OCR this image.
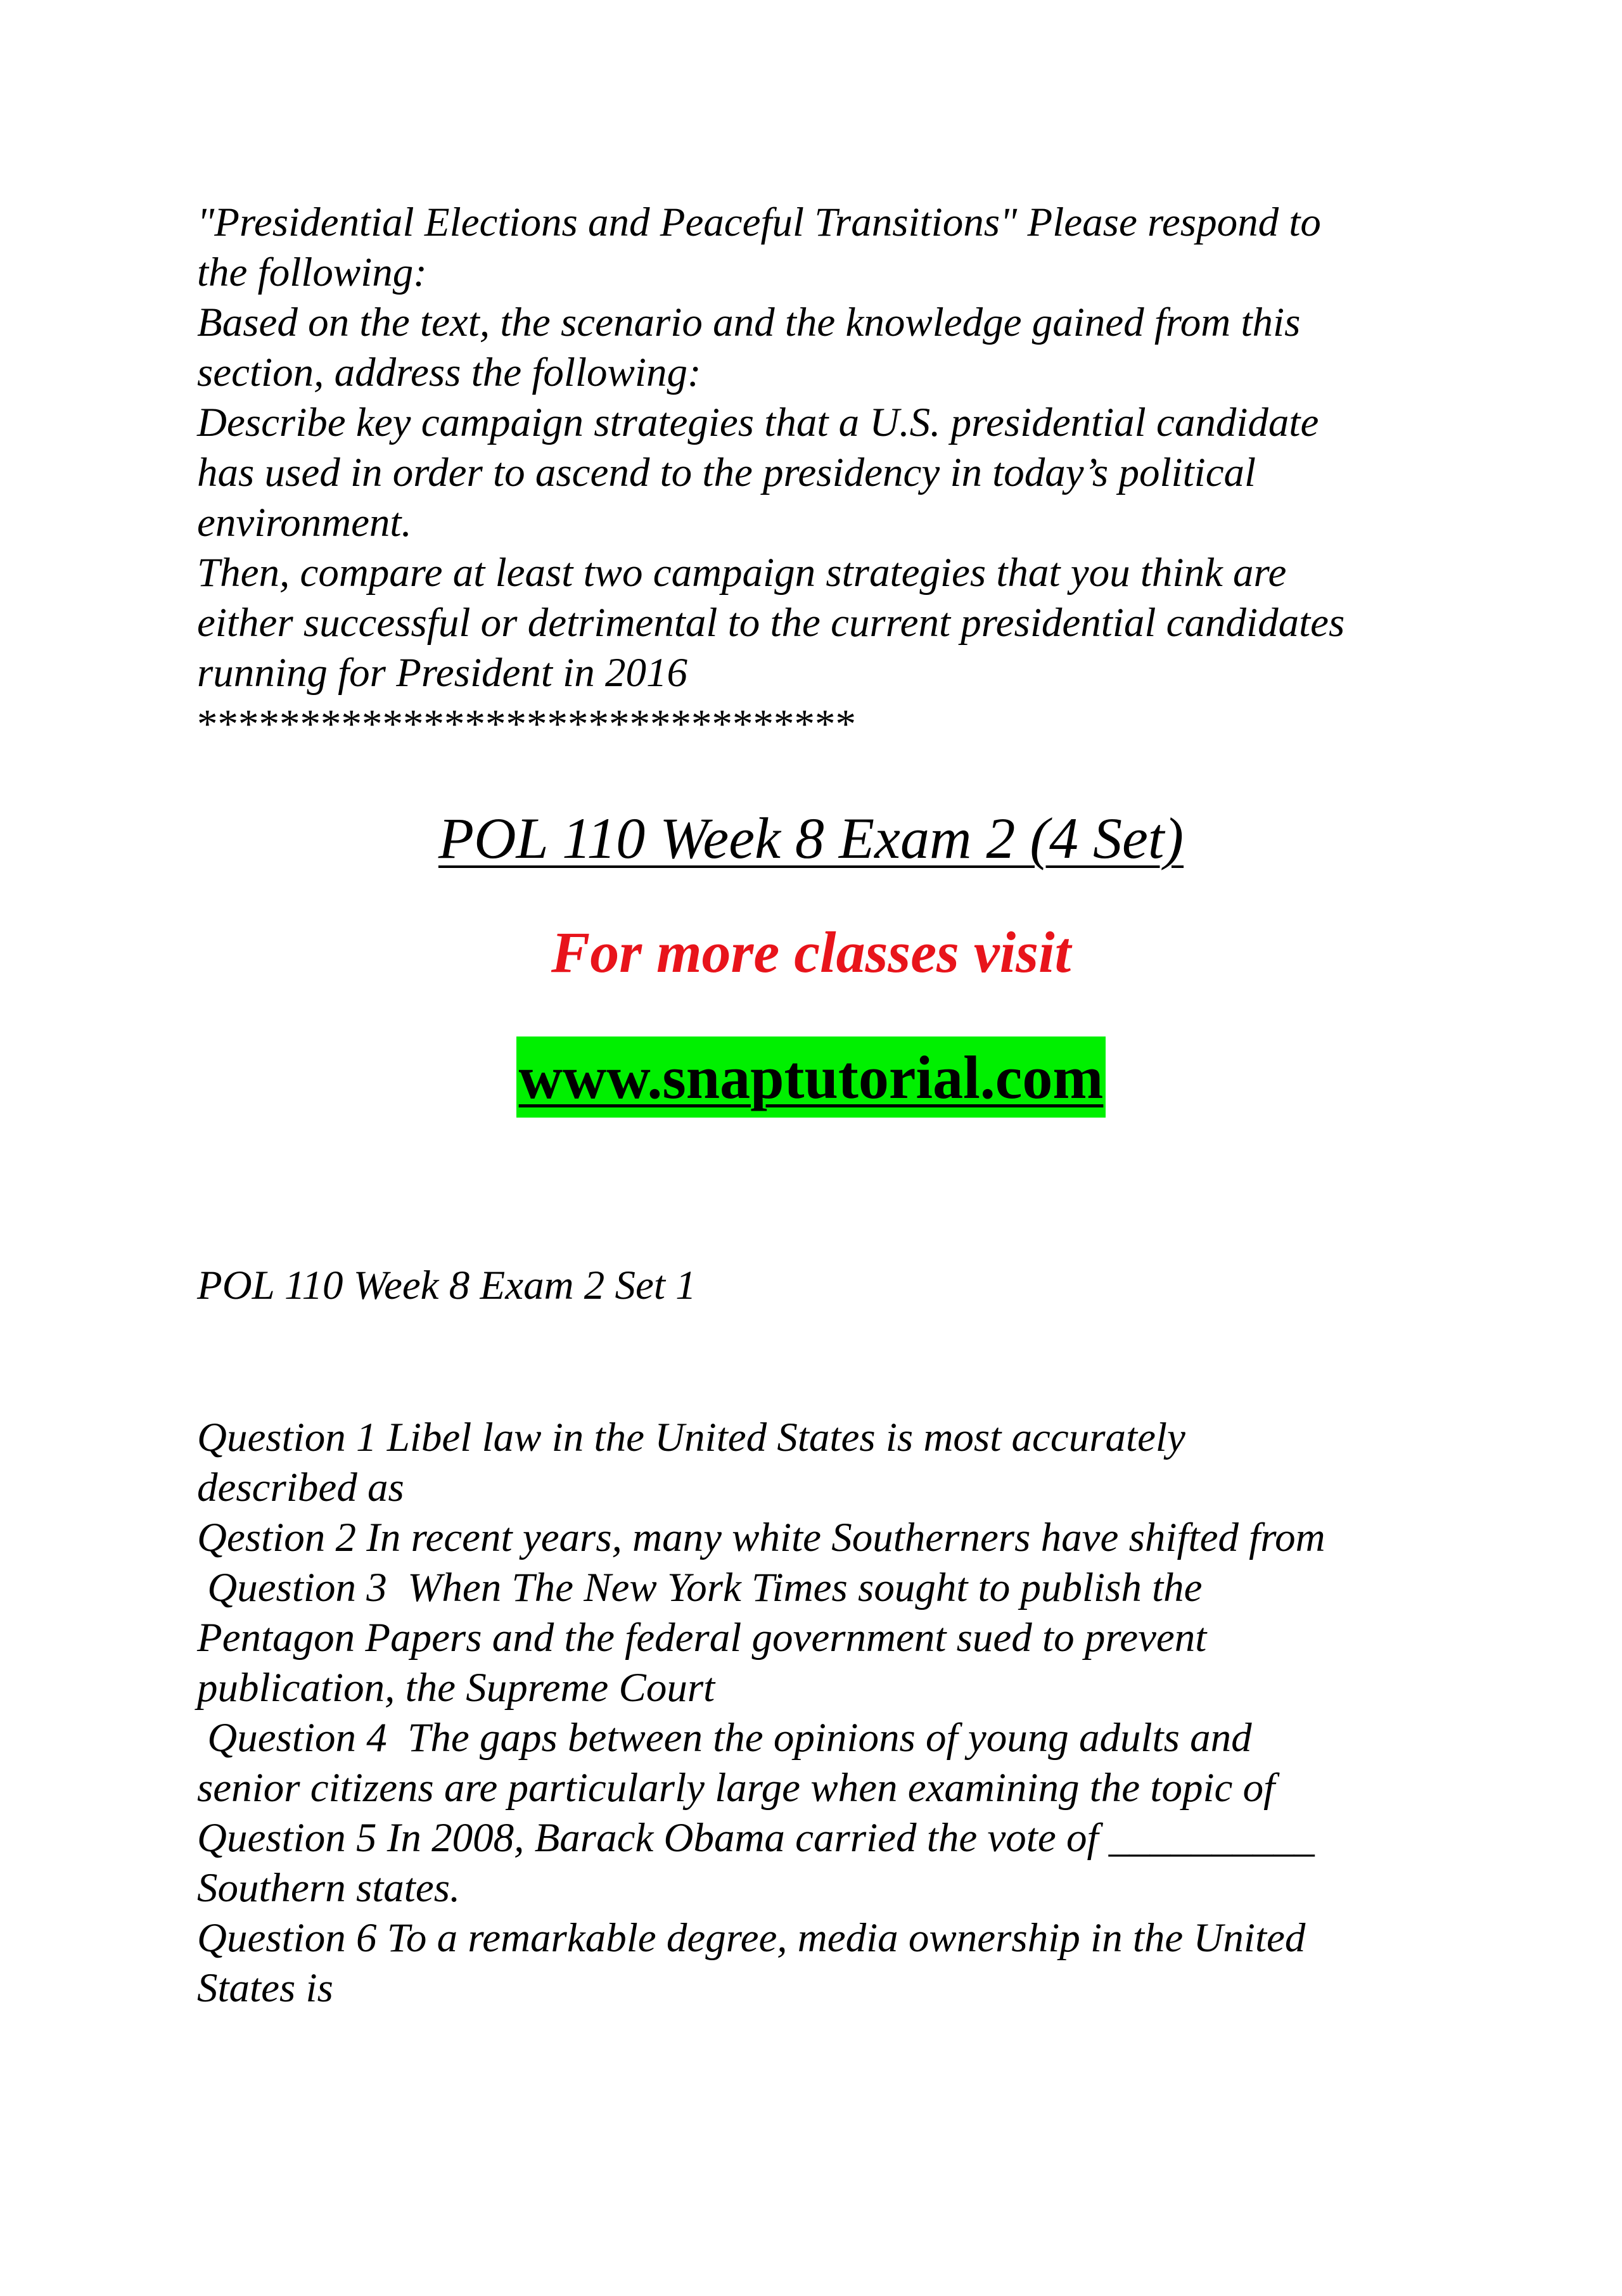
"Presidential Elections and Peaceful Transitions" Please respond to
the following:
Based on the text, the scenario and the knowledge gained from this
section, address the following:
Describe key campaign strategies that a U.S. presidential candidate
has used in order to ascend to the presidency in today’s political
environment.
Then, compare at least two campaign strategies that you think are
either successful or detrimental to the current presidential candidates
running for President in 2016
********************************
POL 110 Week 8 Exam 2 (4 Set)
For more classes visit
www.snaptutorial.com
POL 110 Week 8 Exam 2 Set 1
Question 1 Libel law in the United States is most accurately
described as
Qestion 2 In recent years, many white Southerners have shifted from
Question 3  When The New York Times sought to publish the
Pentagon Papers and the federal government sued to prevent
publication, the Supreme Court
Question 4  The gaps between the opinions of young adults and
senior citizens are particularly large when examining the topic of
Question 5 In 2008, Barack Obama carried the vote of __________
Southern states.
Question 6 To a remarkable degree, media ownership in the United
States is
